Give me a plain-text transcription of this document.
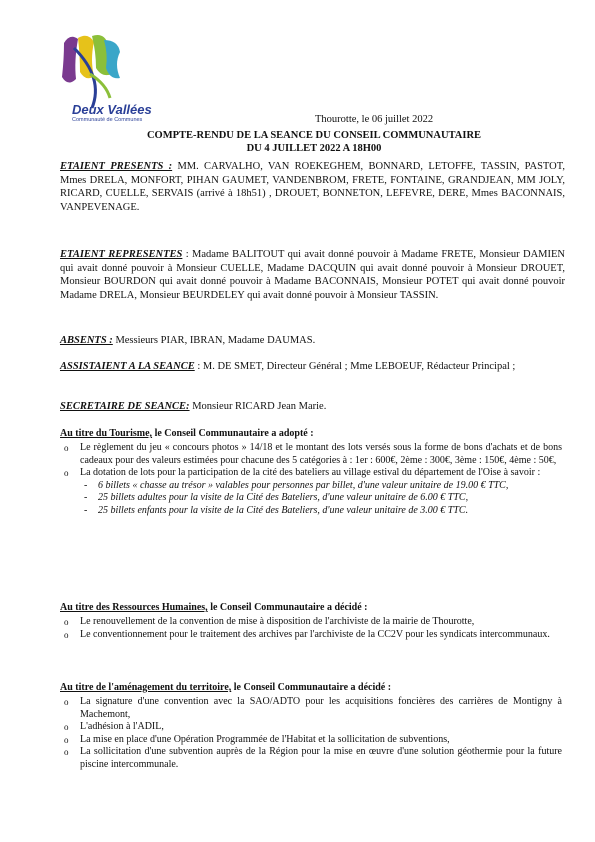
Deux Vallées
Communauté de Communes	Thourotte, le 06 juillet 2022
COMPTE-RENDU DE LA SEANCE DU CONSEIL COMMUNAUTAIRE
DU 4 JUILLET 2022 A 18H00
ETAIENT PRESENTS : MM. CARVALHO, VAN ROEKEGHEM, BONNARD, LETOFFE, TASSIN, PASTOT, Mmes DRELA, MONFORT, PIHAN GAUMET, VANDENBROM, FRETE, FONTAINE, GRANDJEAN, MM JOLY, RICARD, CUELLE, SERVAIS (arrivé à 18h51) , DROUET, BONNETON, LEFEVRE, DERE, Mmes BACONNAIS, VANPEVENAGE.
ETAIENT REPRESENTES : Madame BALITOUT qui avait donné pouvoir à Madame FRETE, Monsieur DAMIEN qui avait donné pouvoir à Monsieur CUELLE, Madame DACQUIN qui avait donné pouvoir à Monsieur DROUET, Monsieur BOURDON qui avait donné pouvoir à Madame BACONNAIS, Monsieur POTET qui avait donné pouvoir Madame DRELA, Monsieur BEURDELEY qui avait donné pouvoir à Monsieur TASSIN.
ABSENTS : Messieurs PIAR, IBRAN, Madame DAUMAS.
ASSISTAIENT A LA SEANCE : M. DE SMET, Directeur Général ; Mme LEBOEUF, Rédacteur Principal ;
SECRETAIRE DE SEANCE: Monsieur RICARD Jean Marie.
Au titre du Tourisme, le Conseil Communautaire a adopté :
o Le règlement du jeu « concours photos » 14/18 et le montant des lots versés sous la forme de bons d'achats et de bons cadeaux pour des valeurs estimées pour chacune des 5 catégories à : 1er : 600€, 2ème : 300€, 3ème : 150€, 4ème : 50€,
o La dotation de lots pour la participation de la cité des bateliers au village estival du département de l'Oise à savoir :
- 6 billets « chasse au trésor » valables pour personnes par billet, d'une valeur unitaire de 19.00 € TTC,
- 25 billets adultes pour la visite de la Cité des Bateliers, d'une valeur unitaire de 6.00 € TTC,
- 25 billets enfants pour la visite de la Cité des Bateliers, d'une valeur unitaire de 3.00 € TTC.
Au titre des Ressources Humaines, le Conseil Communautaire a décidé :
o Le renouvellement de la convention de mise à disposition de l'archiviste de la mairie de Thourotte,
o Le conventionnement pour le traitement des archives par l'archiviste de la CC2V pour les syndicats intercommunaux.
Au titre de l'aménagement du territoire, le Conseil Communautaire a décidé :
o La signature d'une convention avec la SAO/ADTO pour les acquisitions foncières des carrières de Montigny à Machemont,
o L'adhésion à l'ADIL,
o La mise en place d'une Opération Programmée de l'Habitat et la sollicitation de subventions,
o La sollicitation d'une subvention auprès de la Région pour la mise en œuvre d'une solution géothermie pour la future piscine intercommunale.
